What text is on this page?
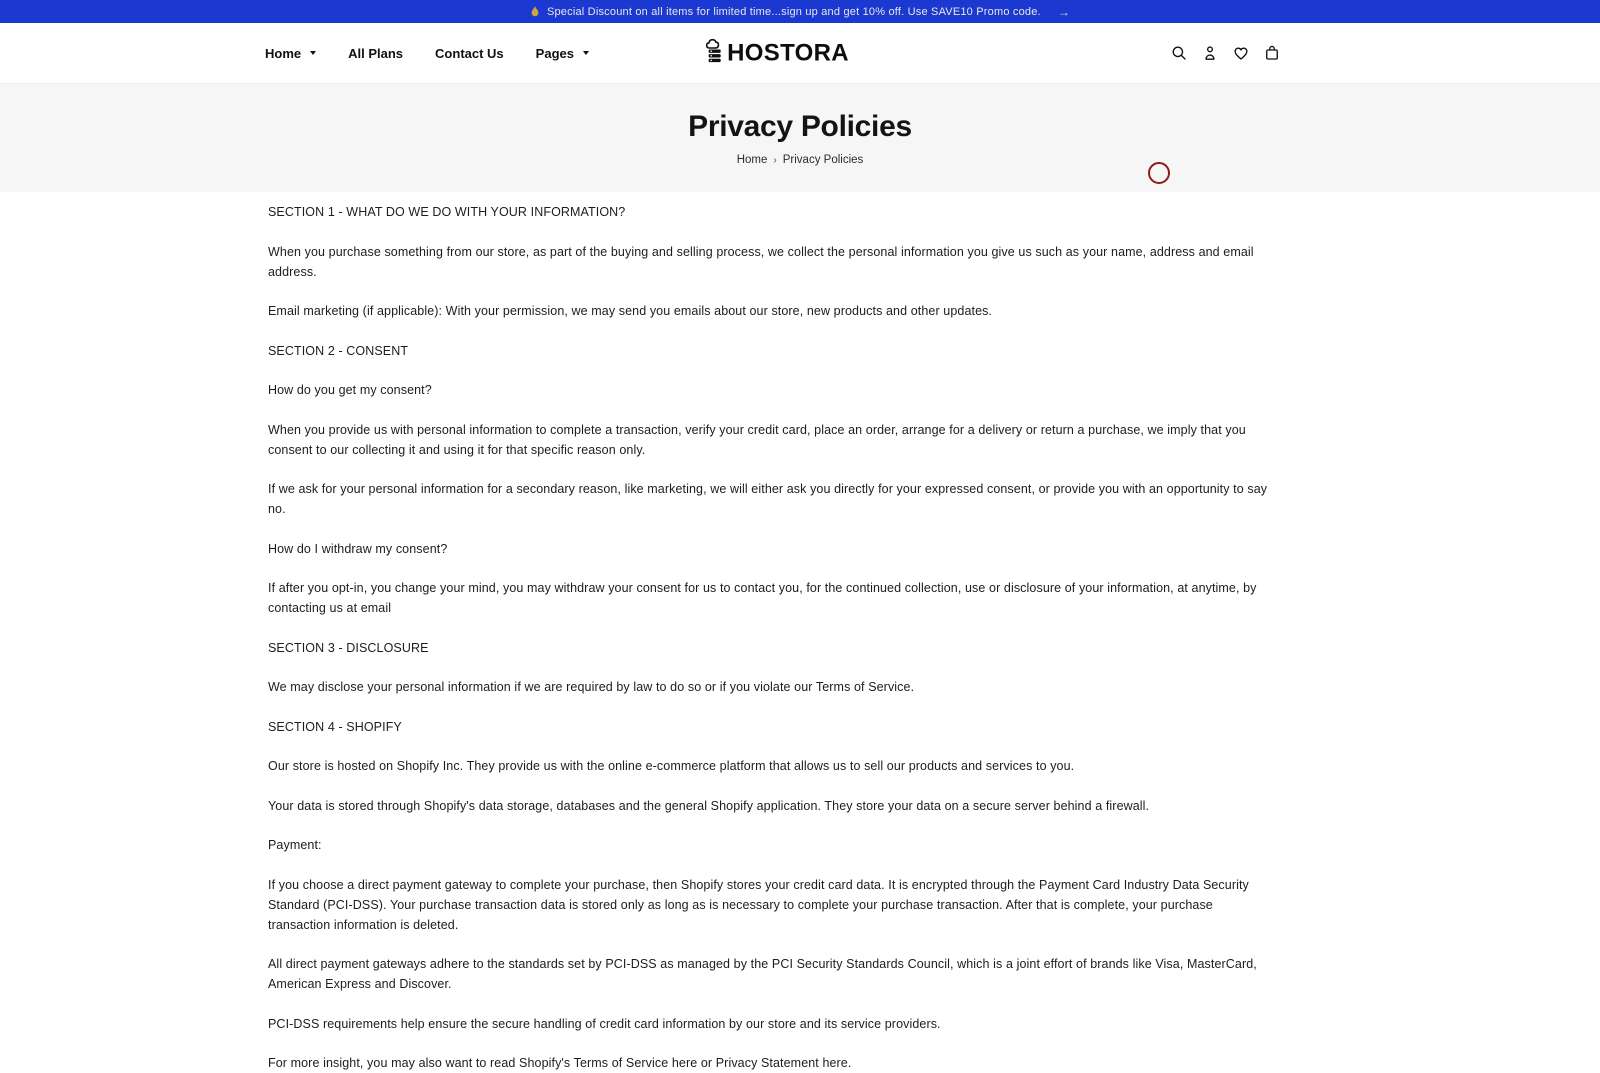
Special Discount on all items for limited time...sign up and get 10% off. Use SAVE10 Promo code. →
Home	All Plans Contact Us Pages	HOSTORA
Privacy Policies
Home › Privacy Policies

SECTION 1 - WHAT DO WE DO WITH YOUR INFORMATION?

When you purchase something from our store, as part of the buying and selling process, we collect the personal information you give us such as your name, address and email address.

Email marketing (if applicable): With your permission, we may send you emails about our store, new products and other updates.

SECTION 2 - CONSENT

How do you get my consent?

When you provide us with personal information to complete a transaction, verify your credit card, place an order, arrange for a delivery or return a purchase, we imply that you consent to our collecting it and using it for that specific reason only.

If we ask for your personal information for a secondary reason, like marketing, we will either ask you directly for your expressed consent, or provide you with an opportunity to say no.

How do I withdraw my consent?

If after you opt-in, you change your mind, you may withdraw your consent for us to contact you, for the continued collection, use or disclosure of your information, at anytime, by contacting us at email

SECTION 3 - DISCLOSURE

We may disclose your personal information if we are required by law to do so or if you violate our Terms of Service.

SECTION 4 - SHOPIFY

Our store is hosted on Shopify Inc. They provide us with the online e-commerce platform that allows us to sell our products and services to you.

Your data is stored through Shopify's data storage, databases and the general Shopify application. They store your data on a secure server behind a firewall.

Payment:

If you choose a direct payment gateway to complete your purchase, then Shopify stores your credit card data. It is encrypted through the Payment Card Industry Data Security Standard (PCI-DSS). Your purchase transaction data is stored only as long as is necessary to complete your purchase transaction. After that is complete, your purchase transaction information is deleted.

All direct payment gateways adhere to the standards set by PCI-DSS as managed by the PCI Security Standards Council, which is a joint effort of brands like Visa, MasterCard, American Express and Discover.

PCI-DSS requirements help ensure the secure handling of credit card information by our store and its service providers.

For more insight, you may also want to read Shopify's Terms of Service here or Privacy Statement here.
